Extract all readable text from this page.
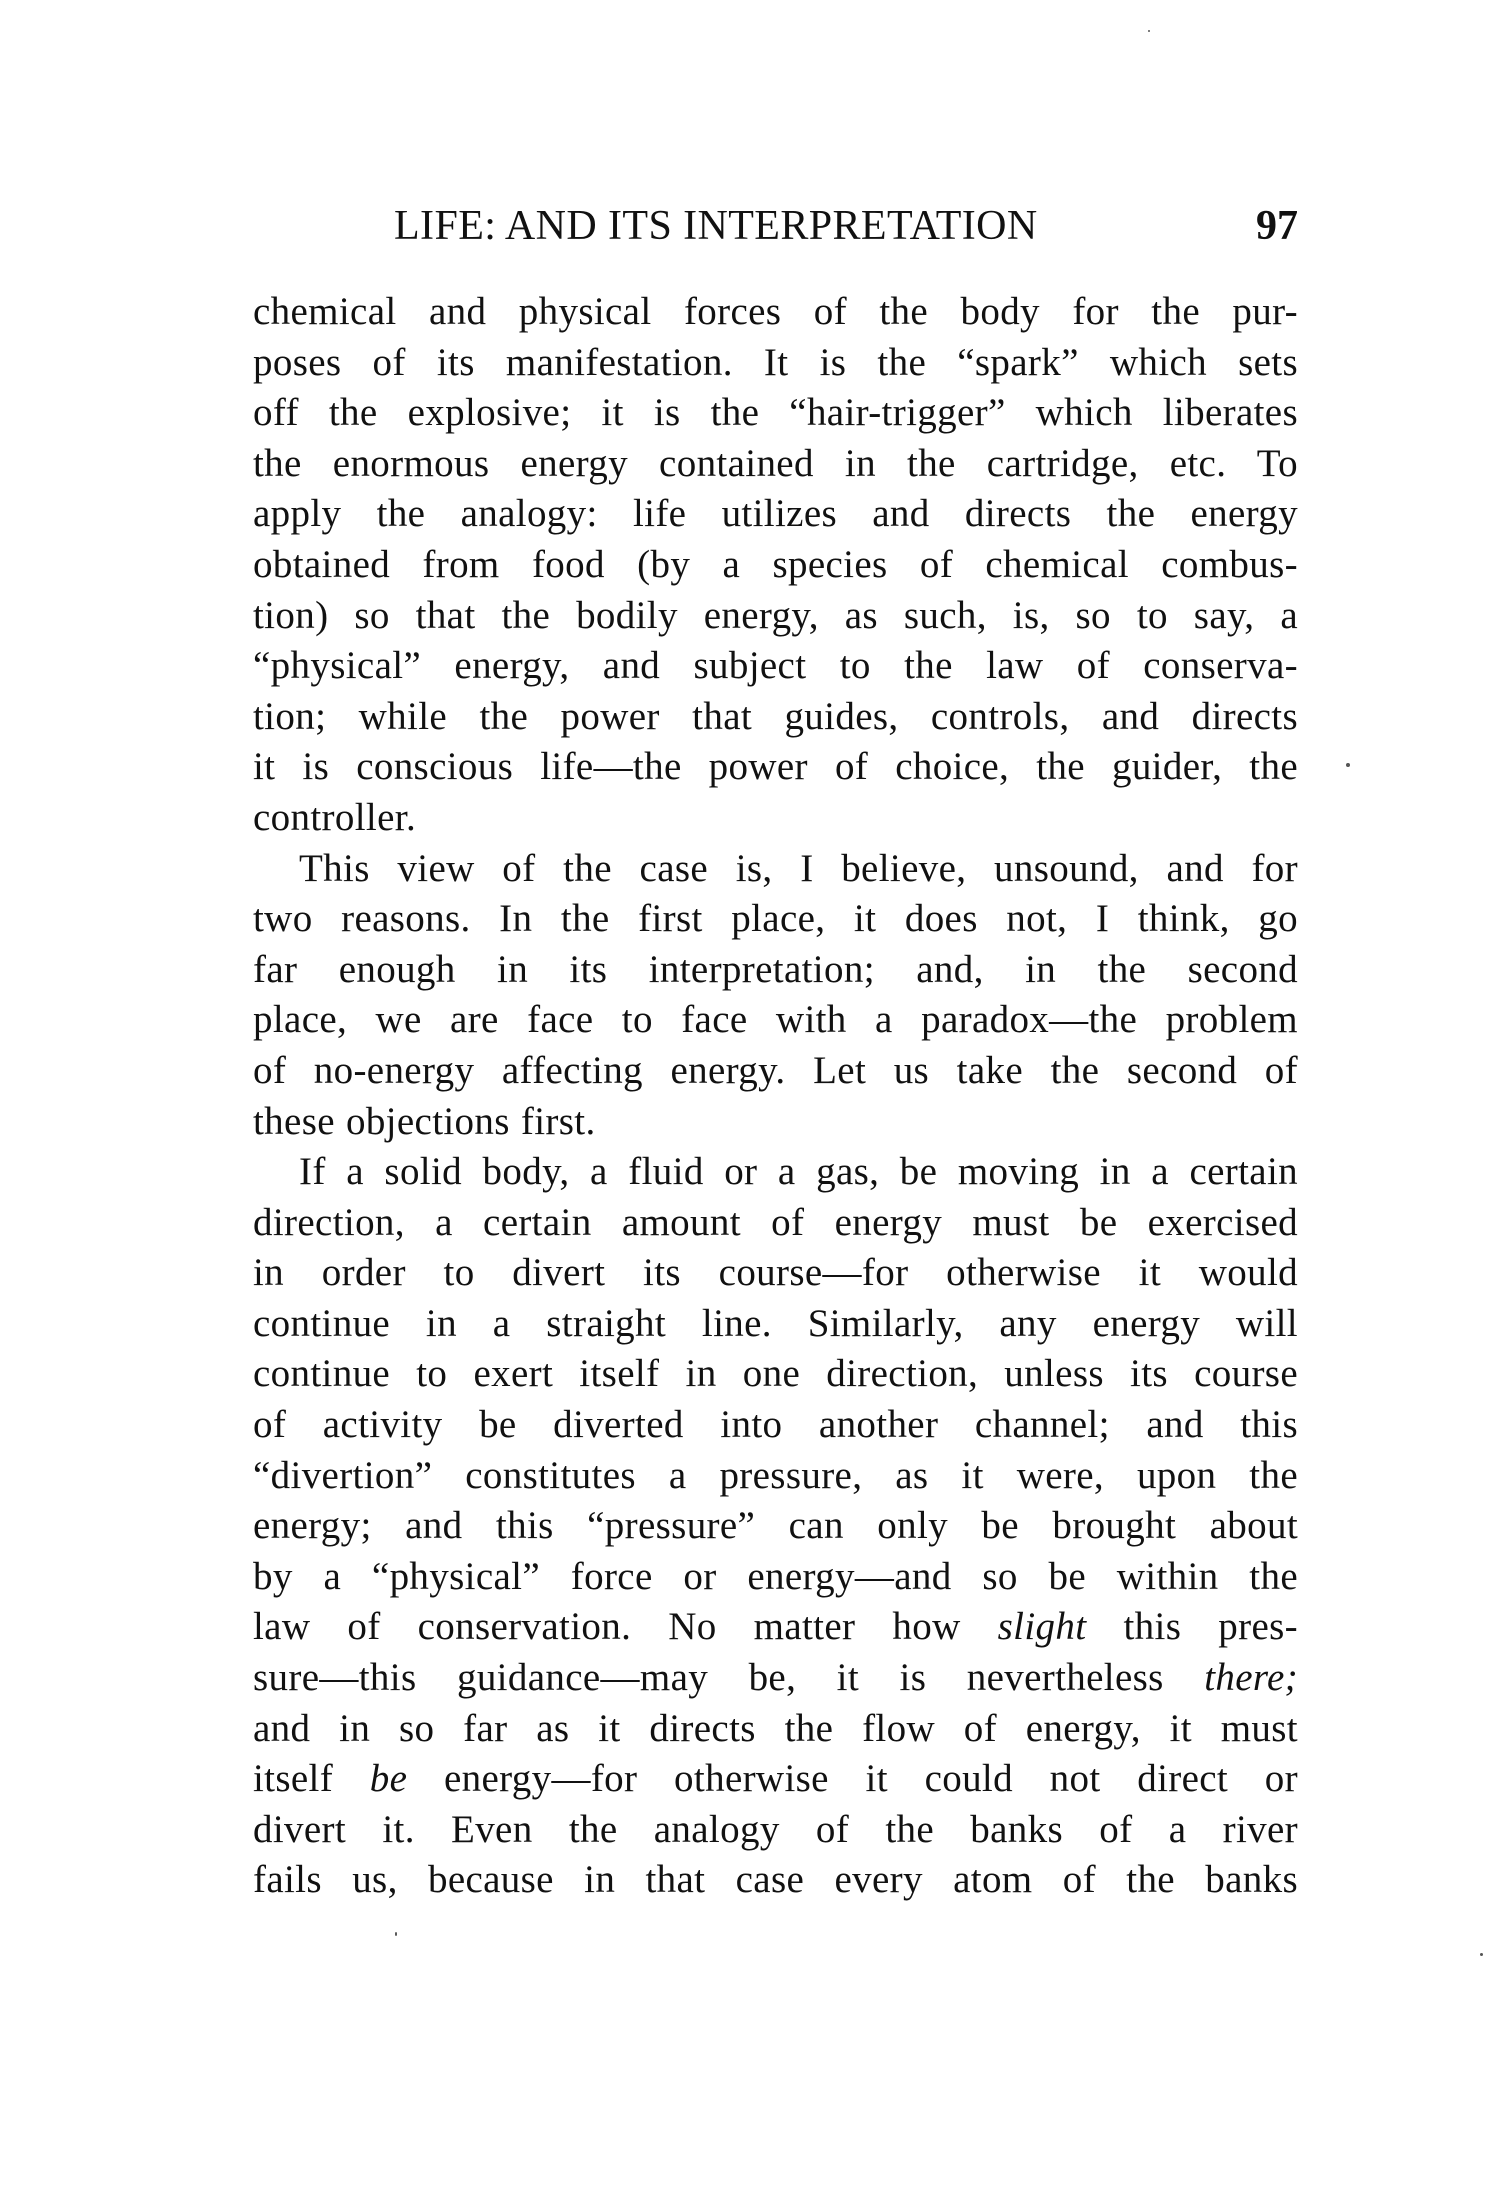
LIFE: AND ITS INTERPRETATION	97
chemical and physical forces of the body for the pur-
poses of its manifestation. It is the “spark” which sets
off the explosive; it is the “hair-trigger” which liberates
the enormous energy contained in the cartridge, etc. To
apply the analogy: life utilizes and directs the energy
obtained from food (by a species of chemical combus-
tion) so that the bodily energy, as such, is, so to say, a
“physical” energy, and subject to the law of conserva-
tion; while the power that guides, controls, and directs
it is conscious life—the power of choice, the guider, the
controller.
This view of the case is, I believe, unsound, and for
two reasons. In the first place, it does not, I think, go
far enough in its interpretation; and, in the second
place, we are face to face with a paradox—the problem
of no-energy affecting energy. Let us take the second of
these objections first.
If a solid body, a fluid or a gas, be moving in a certain
direction, a certain amount of energy must be exercised
in order to divert its course—for otherwise it would
continue in a straight line. Similarly, any energy will
continue to exert itself in one direction, unless its course
of activity be diverted into another channel; and this
“divertion” constitutes a pressure, as it were, upon the
energy; and this “pressure” can only be brought about
by a “physical” force or energy—and so be within the
law of conservation. No matter how slight this pres-
sure—this guidance—may be, it is nevertheless there;
and in so far as it directs the flow of energy, it must
itself be energy—for otherwise it could not direct or
divert it. Even the analogy of the banks of a river
fails us, because in that case every atom of the banks
